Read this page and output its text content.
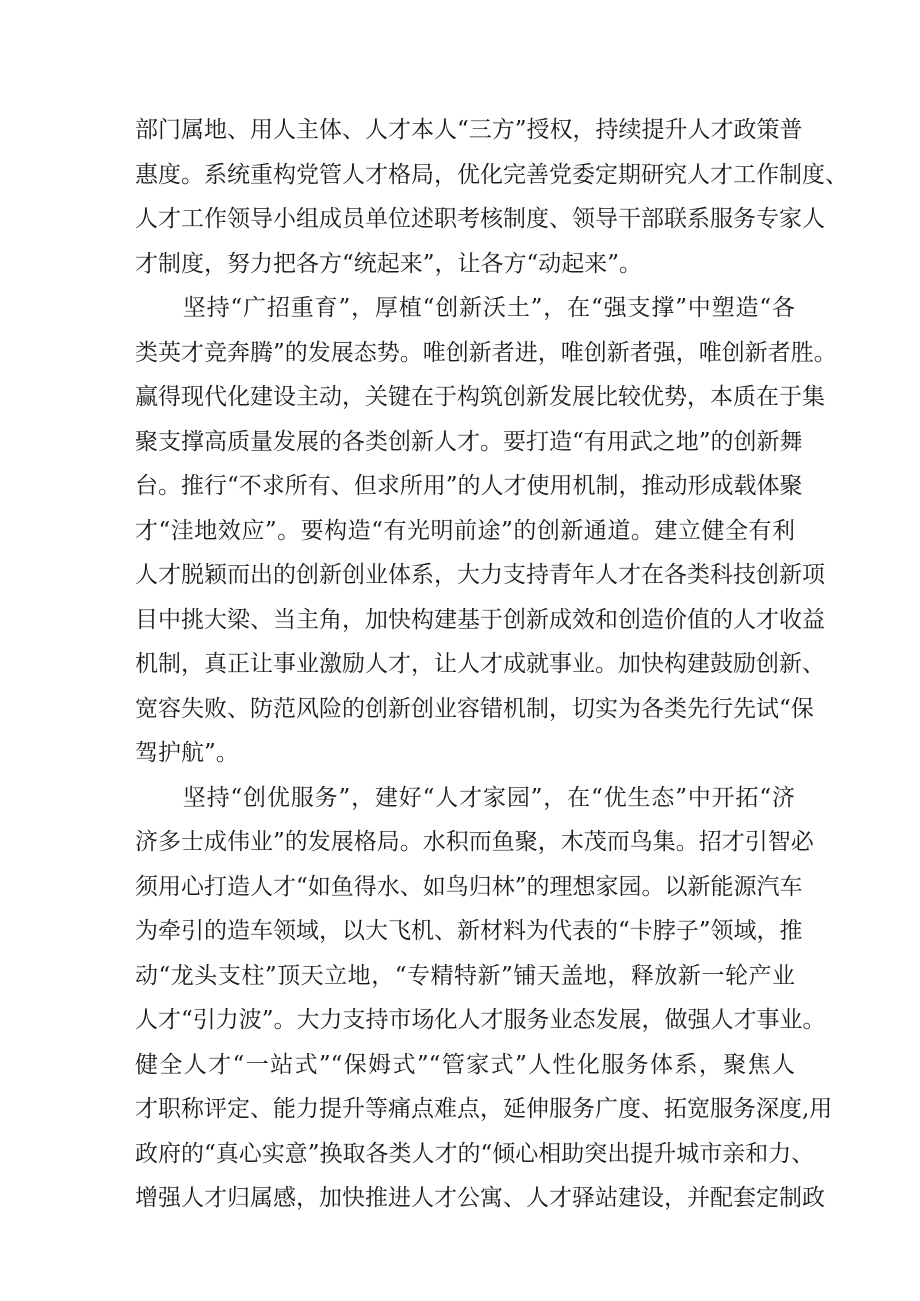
部门属地、用人主体、人才本人“三方”授权，持续提升人才政策普
惠度。系统重构党管人才格局，优化完善党委定期研究人才工作制度、
人才工作领导小组成员单位述职考核制度、领导干部联系服务专家人
才制度，努力把各方“统起来”，让各方“动起来”。
　　坚持“广招重育”，厚植“创新沃土”，在“强支撑”中塑造“各
类英才竞奔腾”的发展态势。唯创新者进，唯创新者强，唯创新者胜。
赢得现代化建设主动，关键在于构筑创新发展比较优势，本质在于集
聚支撑高质量发展的各类创新人才。要打造“有用武之地”的创新舞
台。推行“不求所有、但求所用”的人才使用机制，推动形成载体聚
才“洼地效应”。要构造“有光明前途”的创新通道。建立健全有利
人才脱颖而出的创新创业体系，大力支持青年人才在各类科技创新项
目中挑大梁、当主角，加快构建基于创新成效和创造价值的人才收益
机制，真正让事业激励人才，让人才成就事业。加快构建鼓励创新、
宽容失败、防范风险的创新创业容错机制，切实为各类先行先试“保
驾护航”。
　　坚持“创优服务”，建好“人才家园”，在“优生态”中开拓“济
济多士成伟业”的发展格局。水积而鱼聚，木茂而鸟集。招才引智必
须用心打造人才“如鱼得水、如鸟归林”的理想家园。以新能源汽车
为牵引的造车领域，以大飞机、新材料为代表的“卡脖子”领域，推
动“龙头支柱”顶天立地，“专精特新”铺天盖地，释放新一轮产业
人才“引力波”。大力支持市场化人才服务业态发展，做强人才事业。
健全人才“一站式”“保姆式”“管家式”人性化服务体系，聚焦人
才职称评定、能力提升等痛点难点，延伸服务广度、拓宽服务深度,用
政府的“真心实意”换取各类人才的“倾心相助突出提升城市亲和力、
增强人才归属感，加快推进人才公寓、人才驿站建设，并配套定制政
